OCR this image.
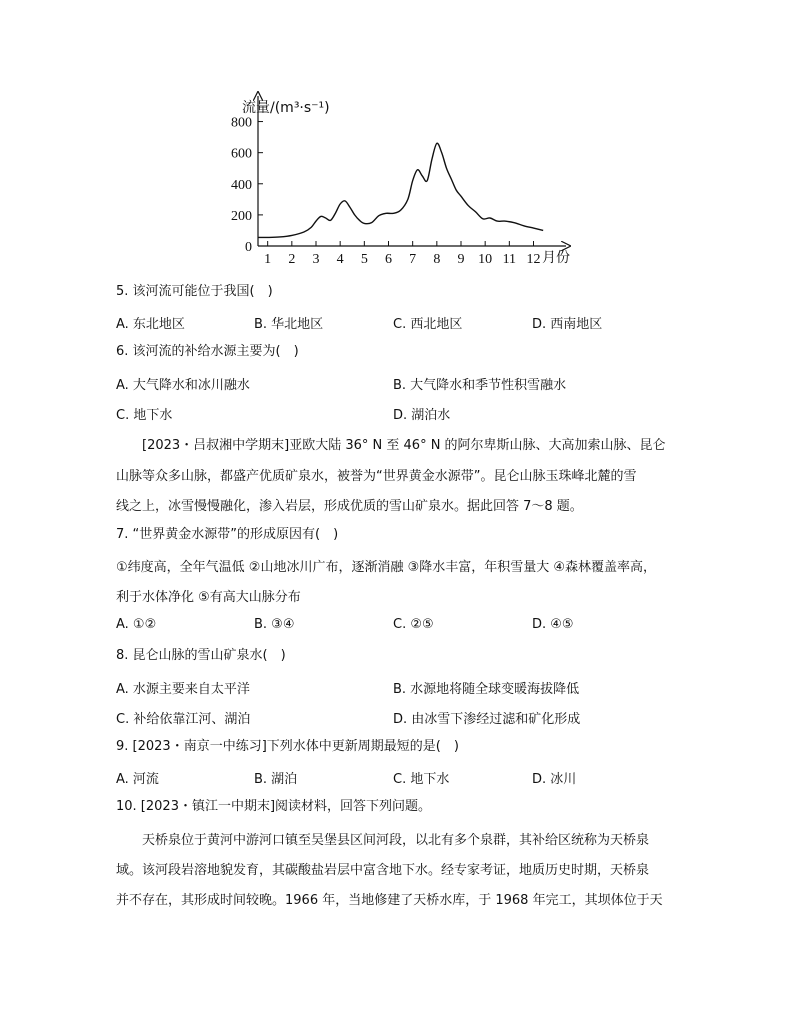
流量/(m³·s⁻¹)
月份
0
200
400
600
800
1 2 3 4 5 6 7 8 9 10 11 12
5. 该河流可能位于我国(　)
A. 东北地区	B. 华北地区	C. 西北地区	D. 西南地区
6. 该河流的补给水源主要为(　)
A. 大气降水和冰川融水	B. 大气降水和季节性积雪融水
C. 地下水	D. 湖泊水
[2023・吕叔湘中学期末]亚欧大陆 36° N 至 46° N 的阿尔卑斯山脉、大高加索山脉、昆仑
山脉等众多山脉，都盛产优质矿泉水，被誉为“世界黄金水源带”。昆仑山脉玉珠峰北麓的雪
线之上，冰雪慢慢融化，渗入岩层，形成优质的雪山矿泉水。据此回答 7～8 题。
7. “世界黄金水源带”的形成原因有(　)
①纬度高，全年气温低 ②山地冰川广布，逐渐消融 ③降水丰富，年积雪量大 ④森林覆盖率高，
利于水体净化 ⑤有高大山脉分布
A. ①②	B. ③④	C. ②⑤	D. ④⑤
8. 昆仑山脉的雪山矿泉水(　)
A. 水源主要来自太平洋	B. 水源地将随全球变暖海拔降低
C. 补给依靠江河、湖泊	D. 由冰雪下渗经过滤和矿化形成
9. [2023・南京一中练习]下列水体中更新周期最短的是(　)
A. 河流	B. 湖泊	C. 地下水	D. 冰川
10. [2023・镇江一中期末]阅读材料，回答下列问题。
天桥泉位于黄河中游河口镇至吴堡县区间河段，以北有多个泉群，其补给区统称为天桥泉
域。该河段岩溶地貌发育，其碳酸盐岩层中富含地下水。经专家考证，地质历史时期，天桥泉
并不存在，其形成时间较晚。1966 年，当地修建了天桥水库，于 1968 年完工，其坝体位于天
